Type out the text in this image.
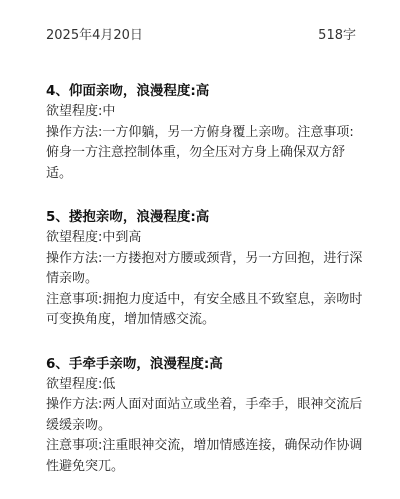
2025年4月20日	518字

4、仰面亲吻，浪漫程度:高

欲望程度:中

操作方法:一方仰躺，另一方俯身覆上亲吻。注意事项:俯身一方注意控制体重，勿全压对方身上确保双方舒适。

5、搂抱亲吻，浪漫程度:高

欲望程度:中到高

操作方法:一方搂抱对方腰或颈背，另一方回抱，进行深情亲吻。

注意事项:拥抱力度适中，有安全感且不致窒息，亲吻时可变换角度，增加情感交流。

6、手牵手亲吻，浪漫程度:高

欲望程度:低

操作方法:两人面对面站立或坐着，手牵手，眼神交流后缓缓亲吻。

注意事项:注重眼神交流，增加情感连接，确保动作协调性避免突兀。
